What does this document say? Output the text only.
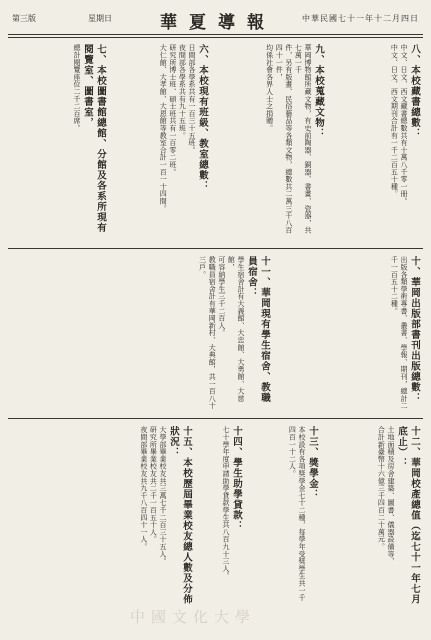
第三版	星期日	華夏導報	中華民國七十一年十二月四日
八、本校藏書總數：
中文、日文、西文藏書總數共有十萬八千零一冊。
中文、日文、西文期刊合計有一千二百五十種。
九、本校蒐藏文物：
華岡博物館所藏文物，有史前陶器、銅器、書畫、瓷器，共七萬一千
件，另有版畫、民俗藝品等各類文物，總數共二萬三千八百四十一件，
均係社會各界人士之捐贈。
六、本校現有班級、教室總數：
日間部各學系共有一百三十五班。
夜間部各學系共有九十五班。
研究所博士班、碩士班共有一百零二班。
大仁館、大孝館、大恩館等教室合計一百一十四間。
七、本校圖書館總館、分館及各系所現有閱覽室、圖書室，
總計閱覽座位二千二百席。
十、華岡出版部書刊出版總數：
出版各類學術專書、叢書、學報、期刊，總計二千一百五十二種。
十一、華岡現有學生宿舍、教職員宿舍：
學生宿舍計有大義館、大忠館、大勇館、大慈館，
可容納學生三千二百人。
教職員宿舍計有華岡新村、大典館，共一百八十三戶。
十二、華岡校產總值（迄七十一年七月底止）：
土地面積及房舍建築、圖書、儀器設備等，
合計新臺幣十六億三千四百二十萬元。
十三、獎學金：
本校設有各項獎學金七十二種，每學年受獎學生共一千四百一十二人。
十四、學生助學貸款：
七十學年度申請助學貸款學生共八百九十三人。
十五、本校歷屆畢業校友總人數及分佈狀況：
大學部畢業校友共三萬七千二百三十五人。
研究所畢業校友共二千一百五十人。
夜間部畢業校友共九千八百四十一人。
中國文化大學
